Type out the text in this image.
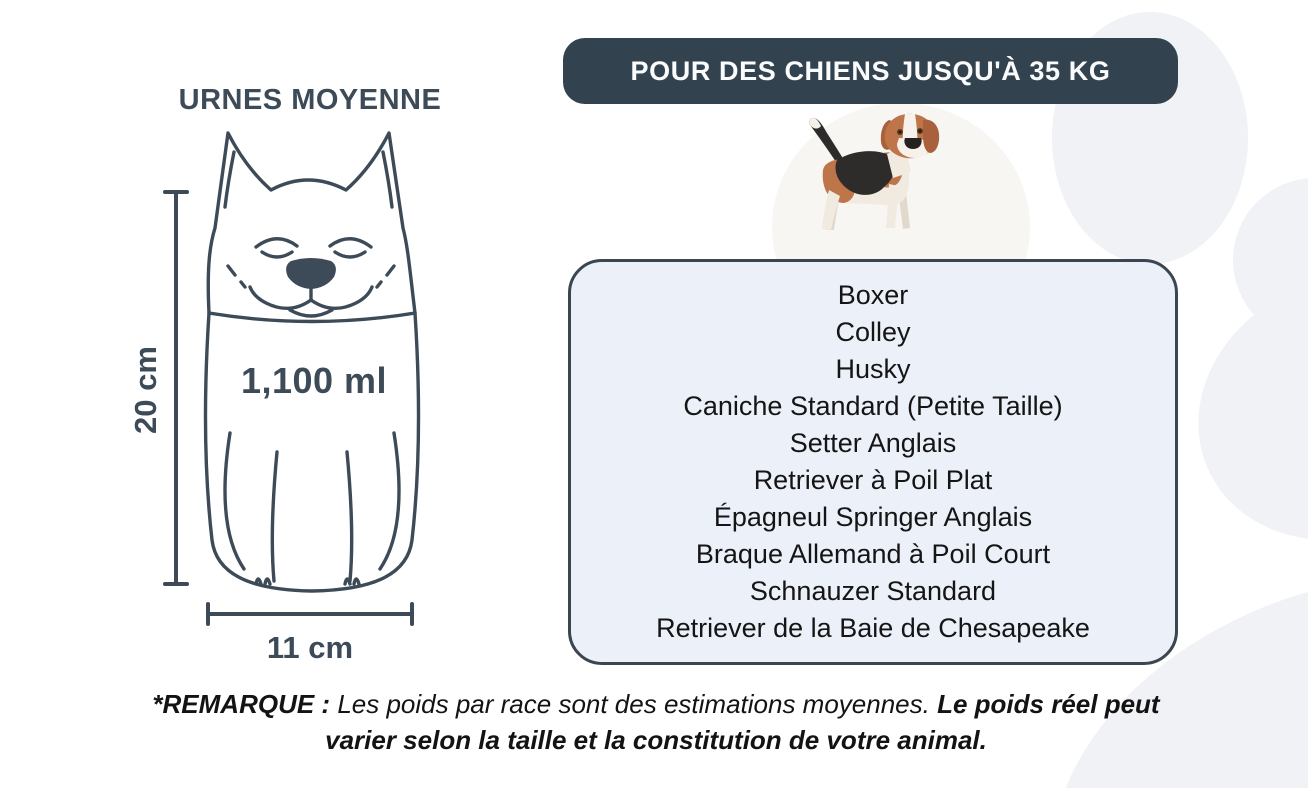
URNES MOYENNE
1,100 ml
20 cm
11 cm
POUR DES CHIENS JUSQU'À 35 KG
Boxer
Colley
Husky
Caniche Standard (Petite Taille)
Setter Anglais
Retriever à Poil Plat
Épagneul Springer Anglais
Braque Allemand à Poil Court
Schnauzer Standard
Retriever de la Baie de Chesapeake
*REMARQUE : Les poids par race sont des estimations moyennes. Le poids réel peut varier selon la taille et la constitution de votre animal.
